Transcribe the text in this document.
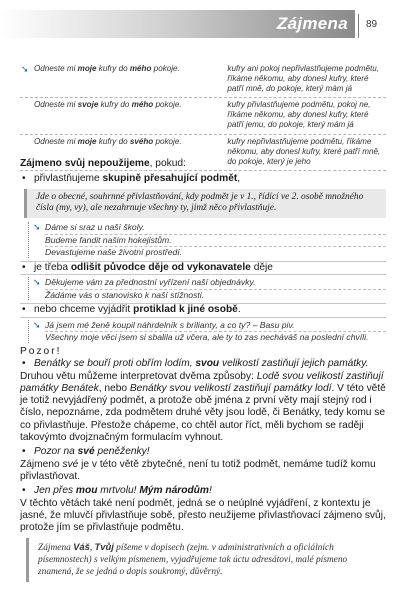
Zájmena 89
➘ Odneste mi moje kufry do mého pokoje.	kufry ani pokoj nepřivlastňujeme podmětu, říkáme někomu, aby donesl kufry, které patří mně, do pokoje, který mám já
Odneste mi svoje kufry do mého pokoje.	kufry přivlastňujeme podmětu, pokoj ne, říkáme někomu, aby donesl kufry, které patří jemu, do pokoje, který mám já
Odneste mi moje kufry do svého pokoje.	kufry nepřivlastňujeme podmětu, říkáme někomu, aby donesl kufry, které patří mně, do pokoje, který je jeho

Zájmeno svůj nepoužijeme, pokud:

• přivlastňujeme skupině přesahující podmět,

Jde o obecné, souhrnné přivlastňování, kdy podmět je v 1., řídící ve 2. osobě množného čísla (my, vy), ale nezahrnuje všechny ty, jimž něco přivlastňuje.
➘ Dáme si sraz u naší školy.
Budeme fandit našim hokejistům.
Devastujeme naše životní prostředí.

• je třeba odlišit původce děje od vykonavatele děje

➘ Děkujeme vám za přednostní vyřízení naší objednávky.
Žádáme vás o stanovisko k naší stížnosti.

• nebo chceme vyjádřit protiklad k jiné osobě.

➘ Já jsem mé ženě koupil náhrdelník s brilianty, a co ty? – Basu piv.
Všechny moje věci jsem si sbalila už včera, ale ty to zas necháváš na poslední chvíli.

Pozor!

• Benátky se bouří proti obřím lodím, svou velikostí zastiňují jejich památky.

Druhou větu můžeme interpretovat dvěma způsoby: Lodě svou velikostí zastiňují památky Benátek, nebo Benátky svou velikostí zastiňují památky lodí. V této větě je totiž nevyjádřený podmět, a protože obě jména z první věty mají stejný rod i číslo, nepoznáme, zda podmětem druhé věty jsou lodě, či Benátky, tedy komu se co přivlastňuje. Přestože chápeme, co chtěl autor říct, měli bychom se raději takovýmto dvojznačným formulacím vyhnout.

• Pozor na své peněženky!

Zájmeno své je v této větě zbytečné, není tu totiž podmět, nemáme tudíž komu přivlastňovat.

• Jen přes mou mrtvolu! Mým národům!

V těchto větách také není podmět, jedná se o neúplné vyjádření, z kontextu je jasné, že mluvčí přivlastňuje sobě, přesto neužijeme přivlastňovací zájmeno svůj, protože jím se přivlastňuje podmětu.

Zájmena Váš, Tvůj píšeme v dopisech (zejm. v administrativních a oficiálních písemnostech) s velkým písmenem, vyjadřujeme tak úctu adresátovi, malé písmeno znamená, že se jedná o dopis soukromý, důvěrný.
